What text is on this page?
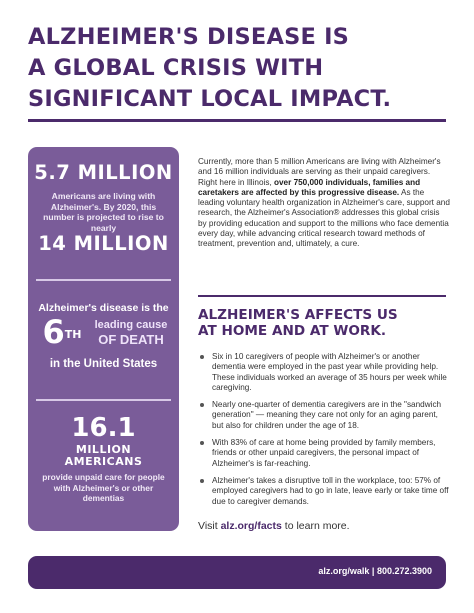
ALZHEIMER'S DISEASE IS
A GLOBAL CRISIS WITH
SIGNIFICANT LOCAL IMPACT.
5.7 MILLION
Americans are living with Alzheimer's. By 2020, this number is projected to rise to nearly
14 MILLION
Alzheimer's disease is the
6TH
leading cause
OF DEATH
in the United States
16.1
MILLION
AMERICANS
provide unpaid care for people with Alzheimer's or other dementias
Currently, more than 5 million Americans are living with Alzheimer's and 16 million individuals are serving as their unpaid caregivers. Right here in Illinois, over 750,000 individuals, families and caretakers are affected by this progressive disease. As the leading voluntary health organization in Alzheimer's care, support and research, the Alzheimer's Association® addresses this global crisis by providing education and support to the millions who face dementia every day, while advancing critical research toward methods of treatment, prevention and, ultimately, a cure.
ALZHEIMER'S AFFECTS US
AT HOME AND AT WORK.
Six in 10 caregivers of people with Alzheimer's or another dementia were employed in the past year while providing help. These individuals worked an average of 35 hours per week while caregiving.
Nearly one-quarter of dementia caregivers are in the "sandwich generation" — meaning they care not only for an aging parent, but also for children under the age of 18.
With 83% of care at home being provided by family members, friends or other unpaid caregivers, the personal impact of Alzheimer's is far-reaching.
Alzheimer's takes a disruptive toll in the workplace, too: 57% of employed caregivers had to go in late, leave early or take time off due to caregiver demands.
Visit alz.org/facts to learn more.
alz.org/walk | 800.272.3900
